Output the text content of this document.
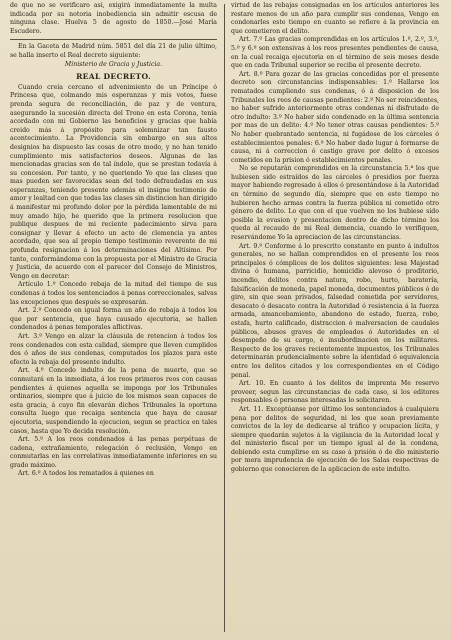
de que no se verificaro así, exigirá inmediatamente la multa indicada por su notoria inobediencia sin admitir escusa de ninguna clase. Huelva 5 de agosto de 1850.—José María Escudero.

En la Gaceta de Madrid núm. 5851 del día 21 de julio último, se halla inserto el Real decreto siguiente:

Ministerio de Gracia y Justicia.

REAL DECRETO.

Cuando creía cercano el advenimiento de un Príncipe ó Princesa que, colmando mis esperanzas y mis votos, fuese prenda segura de reconciliación, de paz y de ventura, asegurando la sucesión directa del Trono en esta Corona, tenia acordado con mi Gobierno las beneficios y gracias que había creido más á propósito para solemnizar tan fausto acontecimiento. La Providencia sin embargo en sus altos designios ha dispuesto las cosas de otro modo, y no han tenido cumplimiento mis satisfactorios deseos. Algunas de las mencionadas gracias son de tal índole, que se prestan todavía á su concesion. Por tanto, y no queriendo Yo que las clases que mas pueden ser favorecidas sean del todo defraudadas en sus esperanzas, teniendo presente además el insigne testimonio de amor y lealtad con que todas las clases sin distincion han dirigido á manifestar mi profundo dolor por la pérdida lamentable de mi muy amado hijo, he querido que la primera resolucion que publique despues de mi reciente padecimiento sirva para consignar y llevar á efecto un acto de clemencia ya antes acordado, que sea al propio tiempo testimonio reverente de mi profunda resignacion á los determinaciones del Altísimo. Por tanto, conformándome con la propuesta por el Ministro de Gracia y Justicia, de acuerdo con el parecer del Consejo de Ministros, Vengo en decretar:

Artículo 1.º Concedo rebaja de la mitad del tiempo de sus condenas á todos los sentenciados á penas correccionales, salvas las excepciones que después se expresarán.

Art. 2.º Concedo en igual forma un año de rebaja á todos los que por sentencia, que haya causado ejecutoria, se hallen condenados á penas temporales aflictivas.

Art. 3.º Vengo en alzar la cláusula de retencion á todos los reos condenados con esta calidad, siempre que lleven cumplidos dos ó años de sus condenas, computados los plazos para este efecto la rebaja del presente indulto.

Art. 4.º Concedo indulto de la pena de muerte, que se conmutará en la inmediata, á los reos primeros reos con causas pendientes á quienes aquella se imponga por los Tribunales ordinarios, siempre que á juicio de los mismos sean capaces de esta gracia, á cuyo fin elevarán dichos Tribunales la oportuna consulta luego que recaiga sentencia que haya de causar ejecutoria, suspendiendo la ejecucion, segun se practica en tales casos, hasta que Yo decida resolución.

Art. 5.º A los reos condenados á las penas perpétuas de cadena, extrañamiento, relegación ó reclusión, Vengo en conmutarlas en las correlativas inmediatamente inferiores en su grado máximo.

Art. 6.º A todos los rematados á quienes en

virtud de las rebajas consignadas en los artículos anteriores les restare menos de un año para cumplir sus condenas, Vengo en condonarles este tiempo en cuanto se refiere á la provincia en que cometieron el delito.

Art. 7.º Las gracias comprendidas en los artículos 1.º, 2.º, 3.º, 5.º y 6.º son extensivas á los reos presentes pendientes de causa, en la cual recaiga ejecutoria en el término de seis meses desde que en cada Tribunal superior se reciba el presente decreto.

Art. 8.º Para gozar de las gracias concedidas por el presente decreto son circunstancias indispensables: 1.º Hallarse los rematados cumpliendo sus condenas, ó á disposicion de los Tribunales los reos de causas pendientes: 2.º No ser reincidentes, no haber sufrido anteriormente otras condenas ni disfrutado de otro indulto: 3.º No haber sido condenado en la última sentencia por mas de un delito: 4.º No tener otras causas pendientes: 5.º No haber quebrantado sentencia, ni fugádose de los cárceles ó establecimientos penales: 6.º No haber dado lugar á formarse de causa, ni á correccion ó castigo grave por delito ó excesos cometidos en la prision ó establecimientos penales.

No se reputarán comprendidos en la circunstancia 5.ª los que hubiesen sido estraídos de las cárceles ó presidios por fuerza mayor habiendo regresado á ellos ó presentándose á la Autoridad en término de segundo día, siempre que en este tiempo no hubieren hecho armas contra la fuerza pública ni cometido otro género de delito. Lo que con el que vuelven no los hubiese sido posible la evasion y presentacion dentro de dicho término los queda al recaudo de mi Real demencia, cuando lo verifiquen, reservándome Yo la apreciacion de las circunstancias.

Art. 9.º Conforme á lo prescrito constante en punto á indultos generales, no se hallan comprendidos en el presente los reos principales ó cómplices de los delitos siguientes: lesa Majestad divina ó humana, parricidio, homicidio alevoso ó proditorio, incendio, delitos contra natura, robo, hurto, baratería, falsificación de moneda, papel moneda, documentos públicos ó de giro, sin que sean privados, falsedad cometida por servidores, desacato ó desacato contra la Autoridad ó resistencia á la fuerza armada, amancebamiento, abandono de estado, fuerza, robo, estafa, hurto calificado, distraccion ó malversacion de caudales públicos, abusos graves de empleados ó Autoridades en el desempeño de su cargo, é insubordinacion en los militares. Respecto de los graves recientemente impuestos, los Tribunales determinarán prudencialmente sobre la identidad ó equivalencia entre los delitos citados y los correspondientes en el Código penal.

Art. 10. En cuanto á los delitos de imprenta Me reservo proveer, segun las circunstancias de cada caso, si los editores responsables ó personas interesadas lo solicitaren.

Art. 11. Exceptúanse por último los sentenciados á cualquiera pena por delitos de seguridad, ni los que sean previamente convictos de la ley de dedicarse al tráfico y ocupacion lícita, y siempre quedarán sujetos á la vigilancia de la Autoridad local y del ministerio fiscal por un tiempo igual al de la condena, debiendo esta cumplirse en su caso á prisión ó de dio ministerio por mera imprudencia de ejecución de los Salas respectivas de gobierno que conocieren de la aplicacion de este indulto.
